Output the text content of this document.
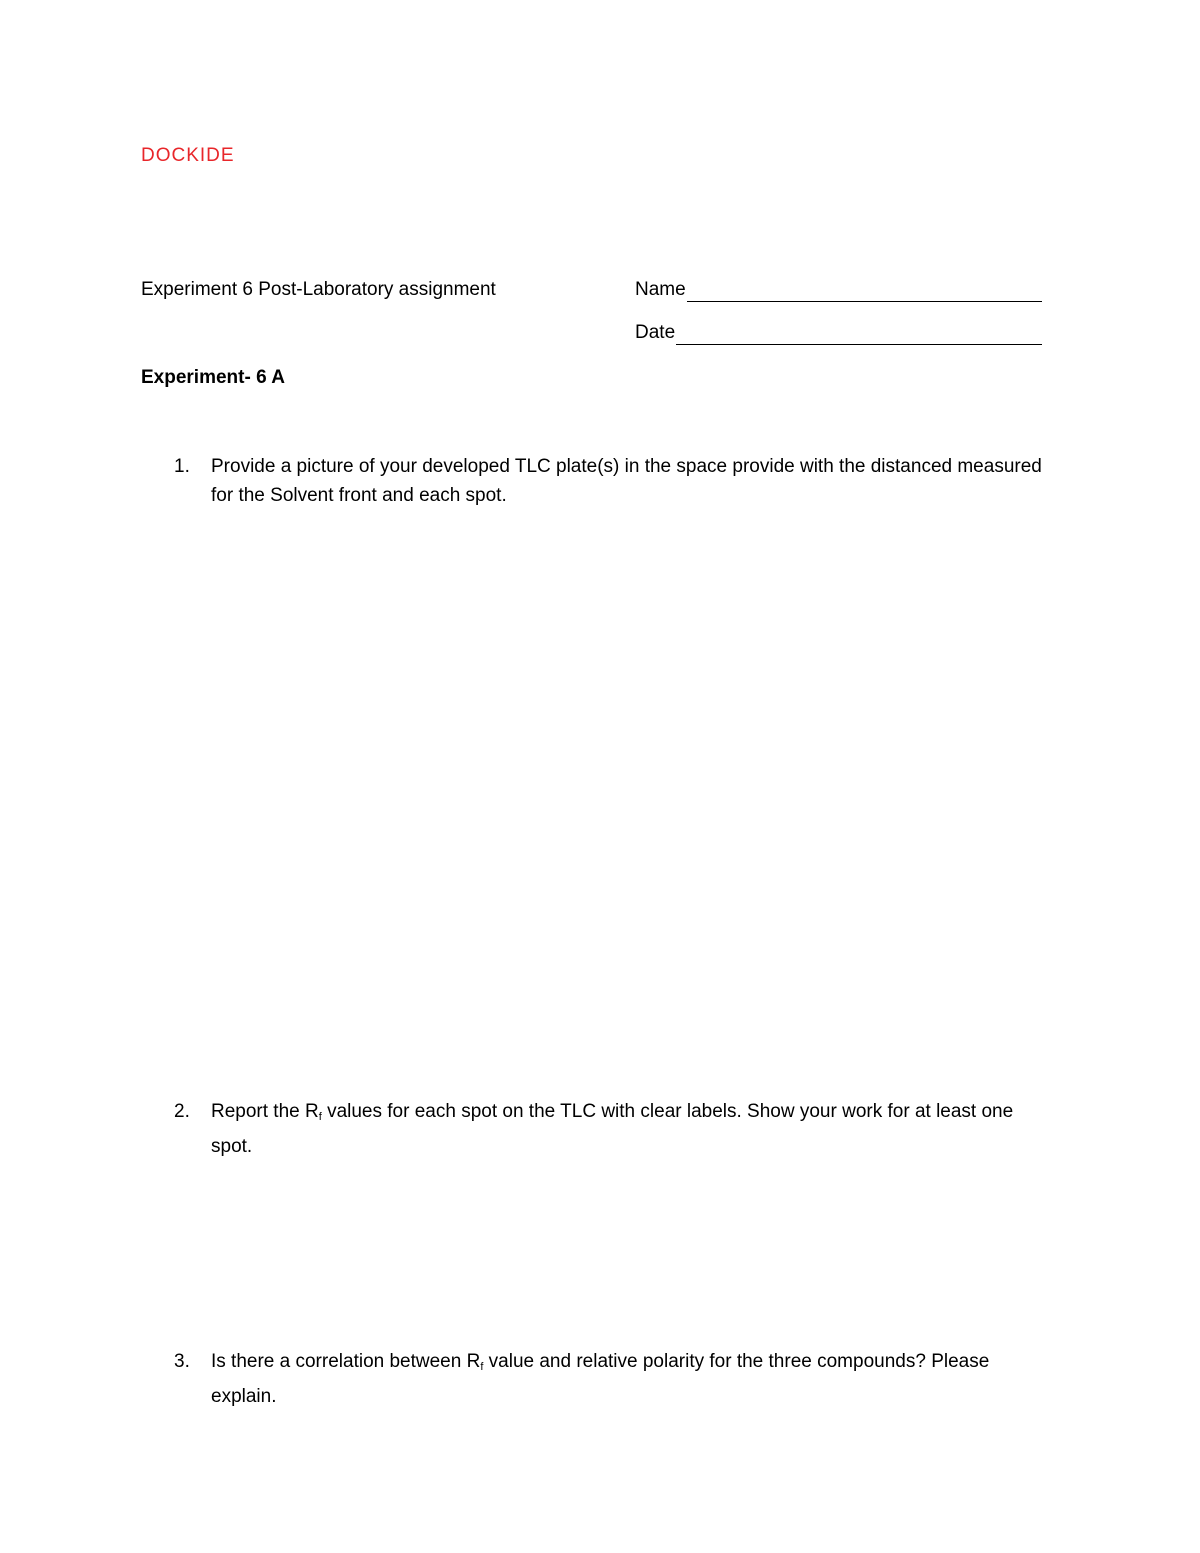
DOCKIDE
Experiment 6 Post-Laboratory assignment	Name
Date
Experiment- 6 A
1. Provide a picture of your developed TLC plate(s) in the space provide with the distanced measured for the Solvent front and each spot.
2. Report the $R_f$ values for each spot on the TLC with clear labels. Show your work for at least one spot.
3. Is there a correlation between $R_f$ value and relative polarity for the three compounds? Please explain.
